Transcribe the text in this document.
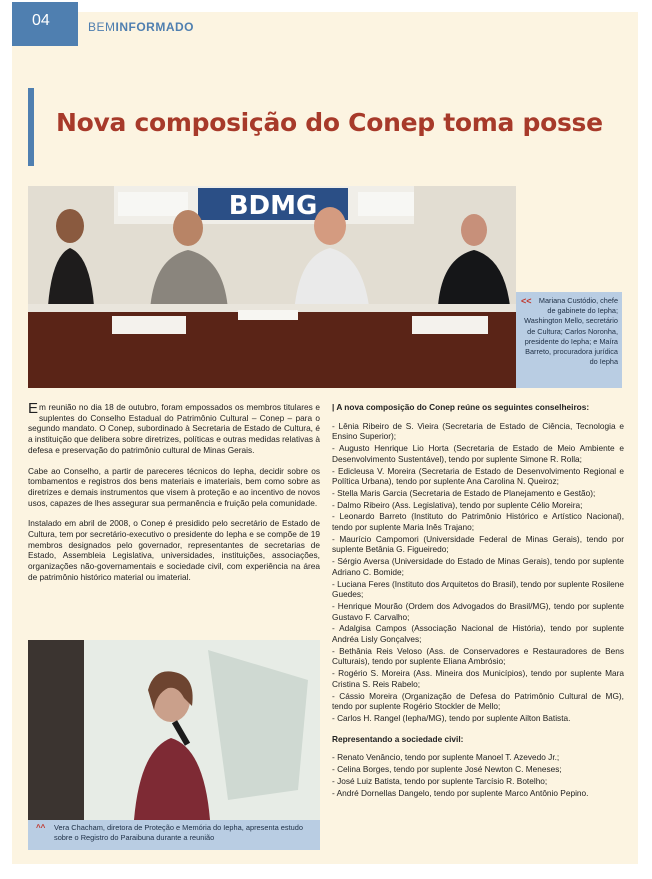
04	BEMINFORMADO
Nova composição do Conep toma posse
BDMG
<< Mariana Custódio, chefe de gabinete do Iepha; Washington Mello, secretário de Cultura; Carlos Noronha, presidente do Iepha; e Maíra Barreto, procuradora jurídica do Iepha

Em reunião no dia 18 de outubro, foram empossados os membros titulares e suplentes do Conselho Estadual do Patrimônio Cultural – Conep – para o segundo mandato. O Conep, subordinado à Secretaria de Estado de Cultura, é a instituição que delibera sobre diretrizes, políticas e outras medidas relativas à defesa e preservação do patrimônio cultural de Minas Gerais.

Cabe ao Conselho, a partir de pareceres técnicos do Iepha, decidir sobre os tombamentos e registros dos bens materiais e imateriais, bem como sobre as diretrizes e demais instrumentos que visem à proteção e ao incentivo de novos usos, capazes de lhes assegurar sua permanência e fruição pela comunidade.

Instalado em abril de 2008, o Conep é presidido pelo secretário de Estado de Cultura, tem por secretário-executivo o presidente do Iepha e se compõe de 19 membros designados pelo governador, representantes de secretarias de Estado, Assembleia Legislativa, universidades, instituições, associações, organizações não-governamentais e sociedade civil, com experiência na área de patrimônio histórico material ou imaterial.

^^ Vera Chacham, diretora de Proteção e Memória do Iepha, apresenta estudo sobre o Registro do Paraibuna durante a reunião
| A nova composição do Conep reúne os seguintes conselheiros:
- Lênia Ribeiro de S. Vieira (Secretaria de Estado de Ciência, Tecnologia e Ensino Superior);
- Augusto Henrique Lio Horta (Secretaria de Estado de Meio Ambiente e Desenvolvimento Sustentável), tendo por suplente Simone R. Rolla;
- Edicleusa V. Moreira (Secretaria de Estado de Desenvolvimento Regional e Política Urbana), tendo por suplente Ana Carolina N. Queiroz;
- Stella Maris Garcia (Secretaria de Estado de Planejamento e Gestão);
- Dalmo Ribeiro (Ass. Legislativa), tendo por suplente Célio Moreira;
- Leonardo Barreto (Instituto do Patrimônio Histórico e Artístico Nacional), tendo por suplente Maria Inês Trajano;
- Maurício Campomori (Universidade Federal de Minas Gerais), tendo por suplente Betânia G. Figueiredo;
- Sérgio Aversa (Universidade do Estado de Minas Gerais), tendo por suplente Adriano C. Bomide;
- Luciana Feres (Instituto dos Arquitetos do Brasil), tendo por suplente Rosilene Guedes;
- Henrique Mourão (Ordem dos Advogados do Brasil/MG), tendo por suplente Gustavo F. Carvalho;
- Adalgisa Campos (Associação Nacional de História), tendo por suplente Andréa Lisly Gonçalves;
- Bethânia Reis Veloso (Ass. de Conservadores e Restauradores de Bens Culturais), tendo por suplente Eliana Ambrósio;
- Rogério S. Moreira (Ass. Mineira dos Municípios), tendo por suplente Mara Cristina S. Reis Rabelo;
- Cássio Moreira (Organização de Defesa do Patrimônio Cultural de MG), tendo por suplente Rogério Stockler de Mello;
- Carlos H. Rangel (Iepha/MG), tendo por suplente Ailton Batista.
Representando a sociedade civil:
- Renato Venâncio, tendo por suplente Manoel T. Azevedo Jr.;
- Celina Borges, tendo por suplente José Newton C. Meneses;
- José Luiz Batista, tendo por suplente Tarcísio R. Botelho;
- André Dornellas Dangelo, tendo por suplente Marco Antônio Pepino.
